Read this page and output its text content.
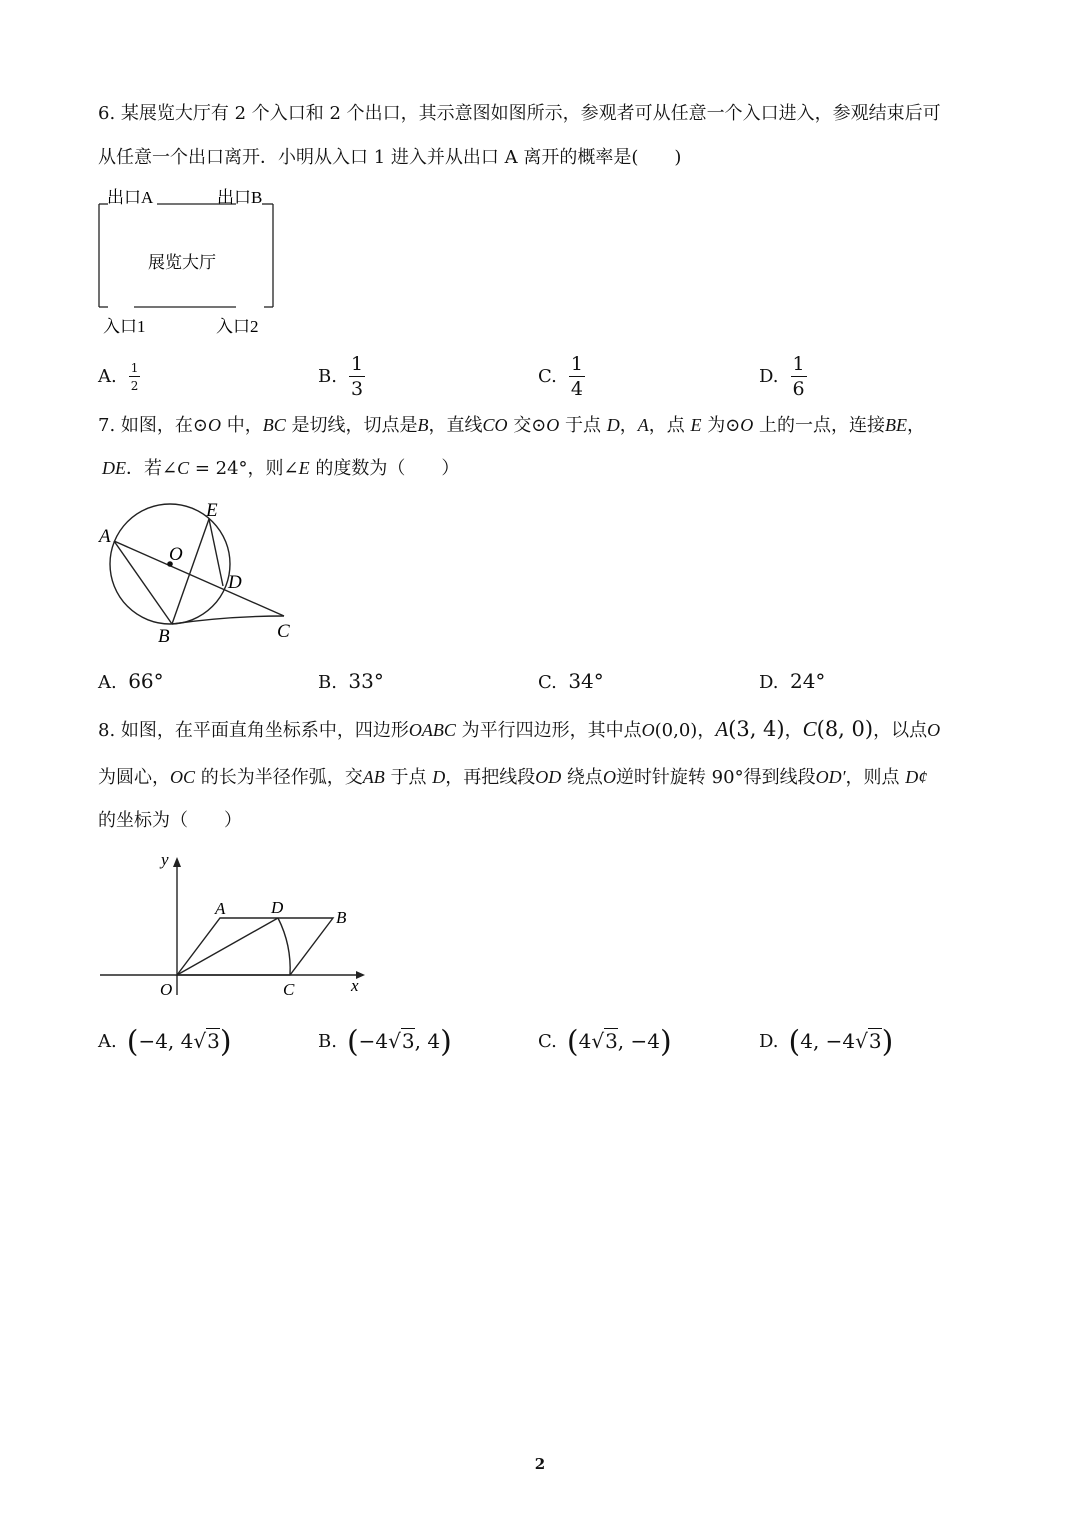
6. 某展览大厅有 2 个入口和 2 个出口，其示意图如图所示，参观者可从任意一个入口进入，参观结束后可
从任意一个出口离开．小明从入口 1 进入并从出口 A 离开的概率是(　　)
出口A	出口B
展览大厅
入口1	入口2
A. $\frac{1}{2}$	B. $\frac{1}{3}$	C. $\frac{1}{4}$	D. $\frac{1}{6}$
7. 如图，在⊙O 中，BC 是切线，切点是B，直线CO 交⊙O 于点 D，A，点 E 为⊙O 上的一点，连接BE，
DE．若∠C = 24°，则∠E 的度数为（　　）
A
O
E
D
B	C
A. 66°	B. 33°	C. 34°	D. 24°
8. 如图，在平面直角坐标系中，四边形OABC 为平行四边形，其中点O(0,0)，A(3, 4)，C(8, 0)，以点O
为圆心，OC 的长为半径作弧，交AB 于点 D，再把线段OD 绕点O逆时针旋转 90°得到线段OD′，则点 D¢
的坐标为（　　）
y
x
A	D
B
O	C
A. (−4, 4√3)	B. (−4√3, 4)	C. (4√3, −4)	D. (4, −4√3)
2
